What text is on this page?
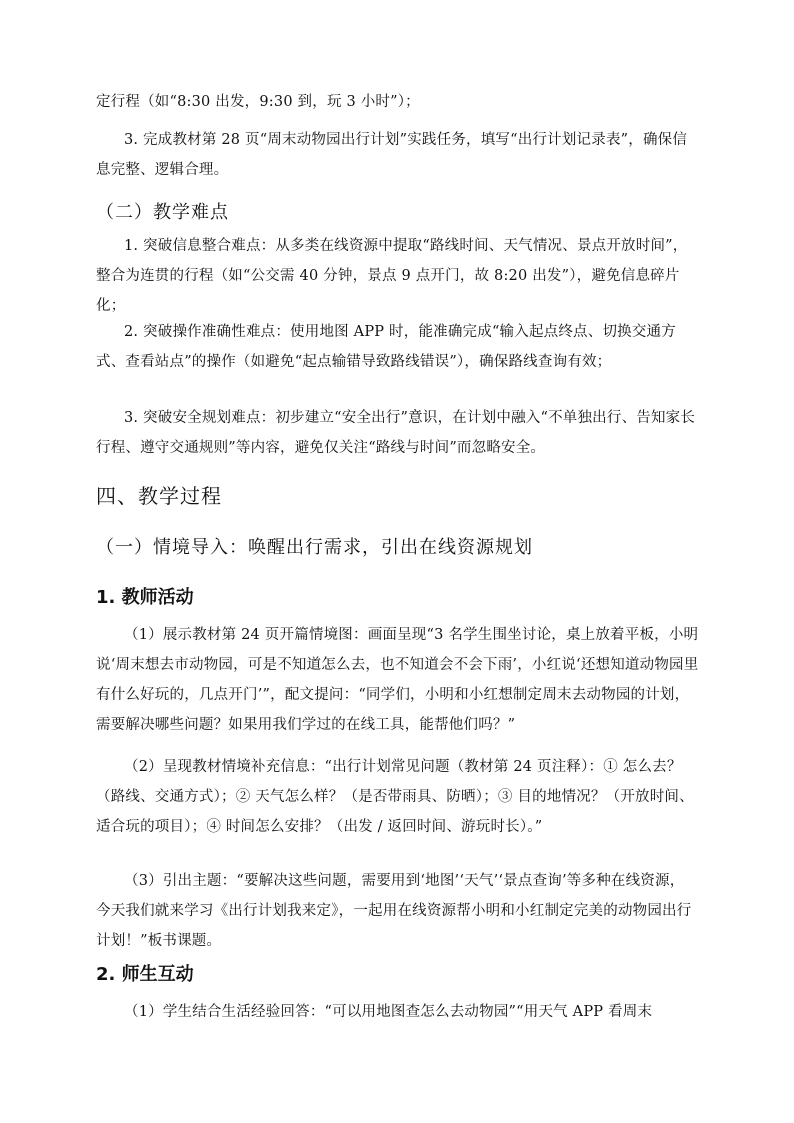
定行程（如“8:30 出发，9:30 到，玩 3 小时”）；

3. 完成教材第 28 页“周末动物园出行计划”实践任务，填写“出行计划记录表”，确保信息完整、逻辑合理。

（二）教学难点

1. 突破信息整合难点：从多类在线资源中提取“路线时间、天气情况、景点开放时间”，整合为连贯的行程（如“公交需 40 分钟，景点 9 点开门，故 8:20 出发”），避免信息碎片化；

2. 突破操作准确性难点：使用地图 APP 时，能准确完成“输入起点终点、切换交通方式、查看站点”的操作（如避免“起点输错导致路线错误”），确保路线查询有效；

3. 突破安全规划难点：初步建立“安全出行”意识，在计划中融入“不单独出行、告知家长行程、遵守交通规则”等内容，避免仅关注“路线与时间”而忽略安全。

四、教学过程
（一）情境导入：唤醒出行需求，引出在线资源规划
1. 教师活动

（1）展示教材第 24 页开篇情境图：画面呈现“3 名学生围坐讨论，桌上放着平板，小明说‘周末想去市动物园，可是不知道怎么去，也不知道会不会下雨’，小红说‘还想知道动物园里有什么好玩的，几点开门’”，配文提问：“同学们，小明和小红想制定周末去动物园的计划，需要解决哪些问题？如果用我们学过的在线工具，能帮他们吗？”

（2）呈现教材情境补充信息：“出行计划常见问题（教材第 24 页注释）：① 怎么去？（路线、交通方式）；② 天气怎么样？（是否带雨具、防晒）；③ 目的地情况？（开放时间、适合玩的项目）；④ 时间怎么安排？（出发 / 返回时间、游玩时长）。”

（3）引出主题：“要解决这些问题，需要用到‘地图’‘天气’‘景点查询’等多种在线资源，今天我们就来学习《出行计划我来定》，一起用在线资源帮小明和小红制定完美的动物园出行计划！”板书课题。

2. 师生互动

（1）学生结合生活经验回答：“可以用地图查怎么去动物园”“用天气 APP 看周末
